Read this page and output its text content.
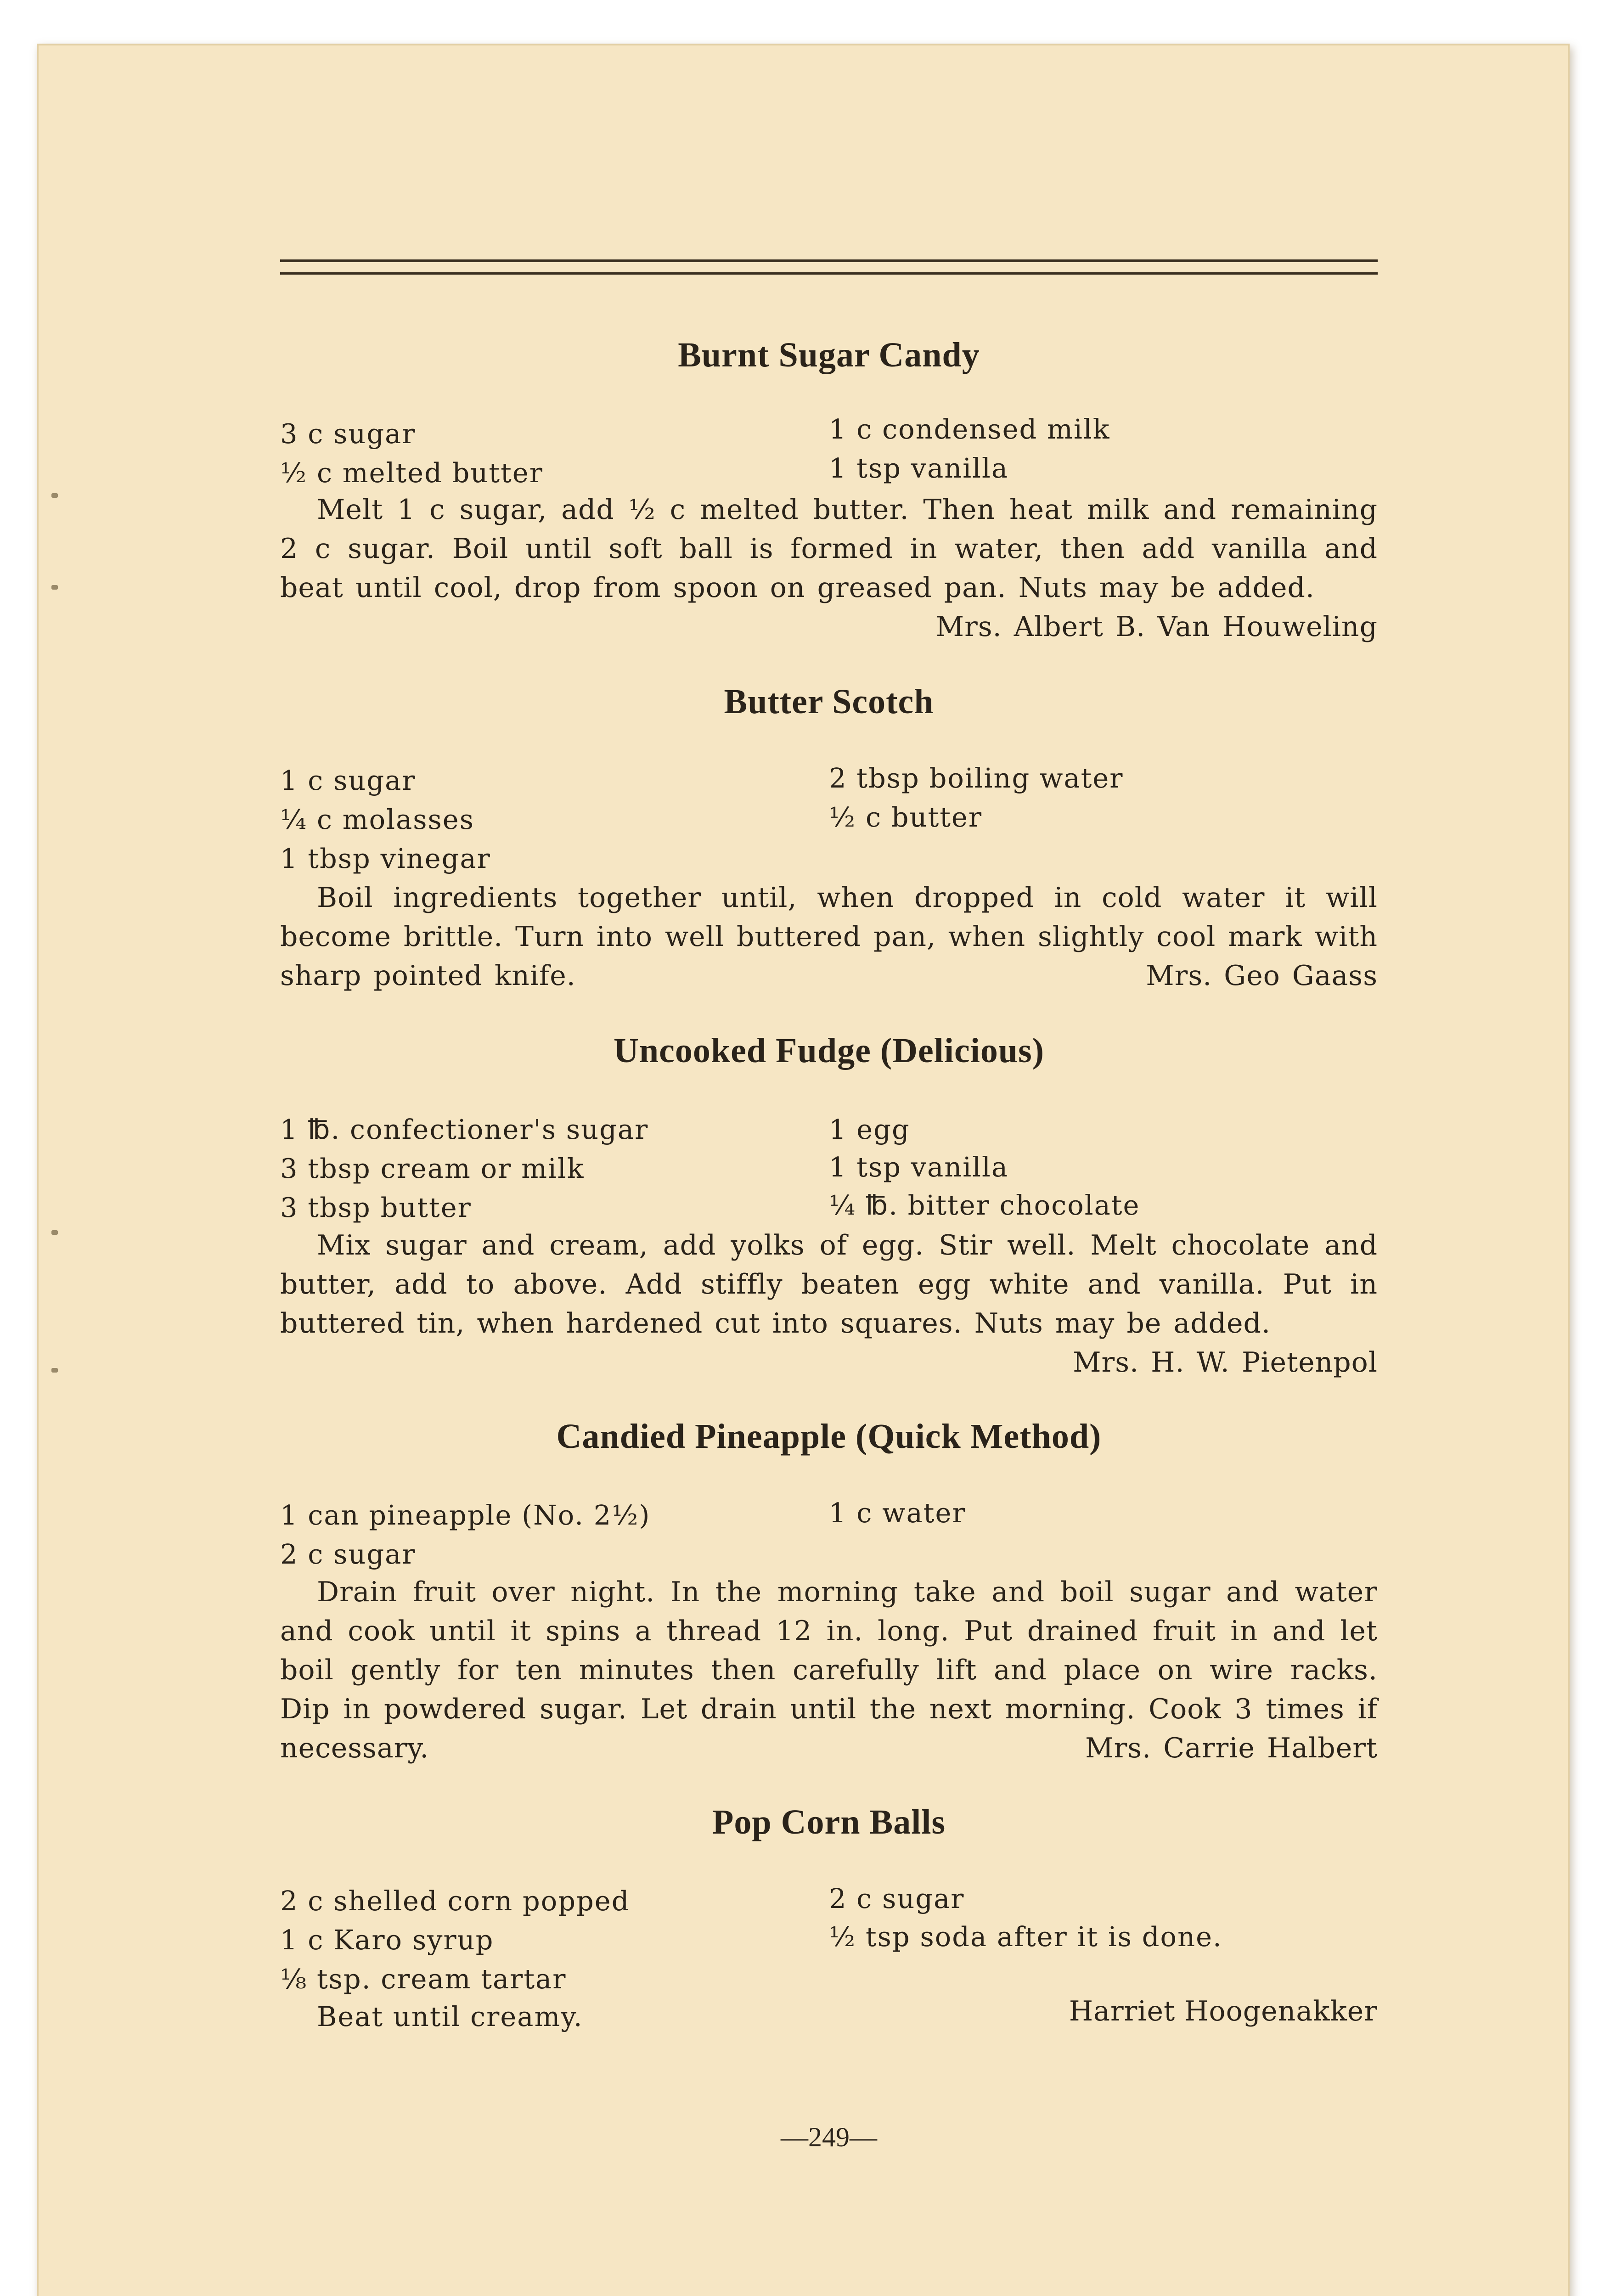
Burnt Sugar Candy
3 c sugar
½ c melted butter
1 c condensed milk
1 tsp vanilla
Melt 1 c sugar, add ½ c melted butter. Then heat milk and remaining 2 c sugar. Boil until soft ball is formed in water, then add vanilla and beat until cool, drop from spoon on greased pan. Nuts may be added.
Mrs. Albert B. Van Houweling
Butter Scotch
1 c sugar
¼ c molasses
1 tbsp vinegar
2 tbsp boiling water
½ c butter
Boil ingredients together until, when dropped in cold water it will become brittle. Turn into well buttered pan, when slightly cool mark with sharp pointed knife.	Mrs. Geo Gaass
Uncooked Fudge (Delicious)
1 ℔. confectioner's sugar
3 tbsp cream or milk
3 tbsp butter
1 egg
1 tsp vanilla
¼ ℔. bitter chocolate
Mix sugar and cream, add yolks of egg. Stir well. Melt chocolate and butter, add to above. Add stiffly beaten egg white and vanilla. Put in buttered tin, when hardened cut into squares. Nuts may be added.
Mrs. H. W. Pietenpol
Candied Pineapple (Quick Method)
1 can pineapple (No. 2½)
2 c sugar
1 c water
Drain fruit over night. In the morning take and boil sugar and water and cook until it spins a thread 12 in. long. Put drained fruit in and let boil gently for ten minutes then carefully lift and place on wire racks. Dip in powdered sugar. Let drain until the next morning. Cook 3 times if necessary.	Mrs. Carrie Halbert
Pop Corn Balls
2 c shelled corn popped
1 c Karo syrup
⅛ tsp. cream tartar
Beat until creamy.
2 c sugar
½ tsp soda after it is done.
Harriet Hoogenakker
—249—
